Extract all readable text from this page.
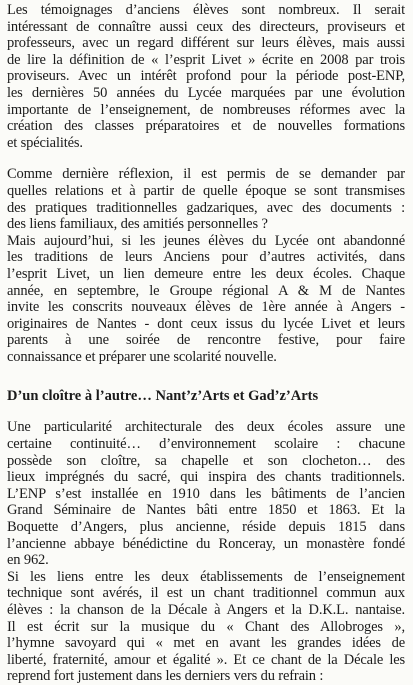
Les témoignages d’anciens élèves sont nombreux. Il serait
intéressant de connaître aussi ceux des directeurs, proviseurs et
professeurs, avec un regard différent sur leurs élèves, mais aussi
de lire la définition de « l’esprit Livet » écrite en 2008 par trois
proviseurs. Avec un intérêt profond pour la période post-ENP,
les dernières 50 années du Lycée marquées par une évolution
importante de l’enseignement, de nombreuses réformes avec la
création des classes préparatoires et de nouvelles formations
et spécialités.

Comme dernière réflexion, il est permis de se demander par
quelles relations et à partir de quelle époque se sont transmises
des pratiques traditionnelles gadzariques, avec des documents :
des liens familiaux, des amitiés personnelles ?

Mais aujourd’hui, si les jeunes élèves du Lycée ont abandonné
les traditions de leurs Anciens pour d’autres activités, dans
l’esprit Livet, un lien demeure entre les deux écoles. Chaque
année, en septembre, le Groupe régional A & M de Nantes
invite les conscrits nouveaux élèves de 1ère année à Angers -
originaires de Nantes - dont ceux issus du lycée Livet et leurs
parents à une soirée de rencontre festive, pour faire
connaissance et préparer une scolarité nouvelle.

D’un cloître à l’autre… Nant’z’Arts et Gad’z’Arts

Une particularité architecturale des deux écoles assure une
certaine continuité… d’environnement scolaire : chacune
possède son cloître, sa chapelle et son clocheton… des
lieux imprégnés du sacré, qui inspira des chants traditionnels.
L’ENP s’est installée en 1910 dans les bâtiments de l’ancien
Grand Séminaire de Nantes bâti entre 1850 et 1863. Et la
Boquette d’Angers, plus ancienne, réside depuis 1815 dans
l’ancienne abbaye bénédictine du Ronceray, un monastère fondé
en 962.

Si les liens entre les deux établissements de l’enseignement
technique sont avérés, il est un chant traditionnel commun aux
élèves : la chanson de la Décale à Angers et la D.K.L. nantaise.
Il est écrit sur la musique du « Chant des Allobroges »,
l’hymne savoyard qui « met en avant les grandes idées de
liberté, fraternité, amour et égalité ». Et ce chant de la Décale les
reprend fort justement dans les derniers vers du refrain :
